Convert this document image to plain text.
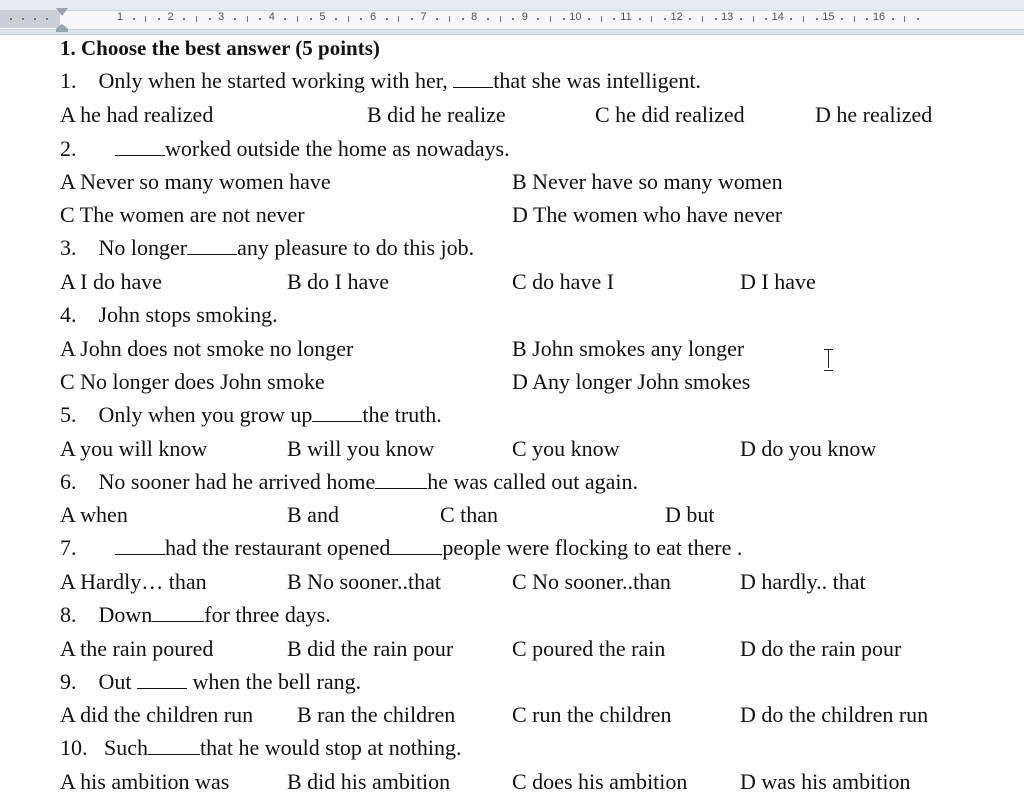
1	2	3	4	5	6	7	8	9	10	11	12	13	14	15	16
1. Choose the best answer (5 points)
1. Only when he started working with her, that she was intelligent.
A he had realized	B did he realize	C he did realized	D he realized
2.	worked outside the home as nowadays.
A Never so many women have	B Never have so many women
C The women are not never	D The women who have never
3. No longer any pleasure to do this job.
A I do have	B do I have	C do have I	D I have
4. John stops smoking.
A John does not smoke no longer	B John smokes any longer
C No longer does John smoke	D Any longer John smokes
5. Only when you grow up the truth.
A you will know	B will you know	C you know	D do you know
6. No sooner had he arrived home he was called out again.
A when	B and	C than	D but
7.	had the restaurant opened people were flocking to eat there .
A Hardly… than	B No sooner..that	C No sooner..than	D hardly.. that
8. Down for three days.
A the rain poured	B did the rain pour	C poured the rain	D do the rain pour
9. Out  when the bell rang.
A did the children run B ran the children	C run the children	D do the children run
10. Such that he would stop at nothing.
A his ambition was	B did his ambition	C does his ambition D was his ambition
